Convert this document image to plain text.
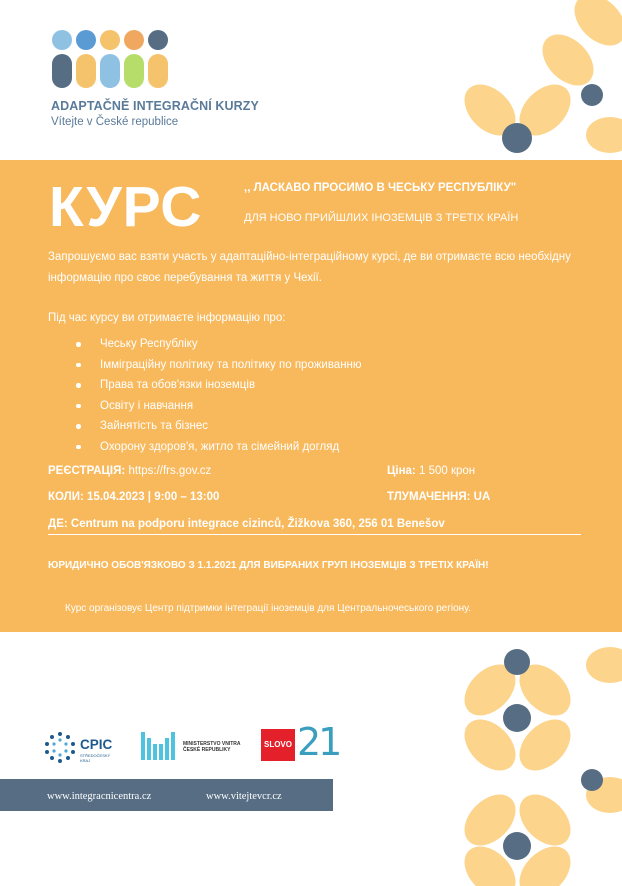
ADAPTAČNĚ INTEGRAČNÍ KURZY
Vítejte v České republice
КУРС	,, ЛАСКАВО ПРОСИМО В ЧЕСЬКУ РЕСПУБЛІКУ"
ДЛЯ НОВО ПРИЙШЛИХ ІНОЗЕМЦІВ З ТРЕТІХ КРАЇН
Запрошуємо вас взяти участь у адаптаційно-інтеграційному курсі, де ви отримаєте всю необхідну інформацію про своє перебування та життя у Чехії.
Під час курсу ви отримаєте інформацію про:
Чеську Республіку
Імміграційну політику та політику по проживанню
Права та обов'язки іноземців
Освіту і навчання
Зайнятість та бізнес
Охорону здоров'я, житло та сімейний догляд
РЕЄСТРАЦІЯ: https://frs.gov.cz	Ціна: 1 500 крон
КОЛИ: 15.04.2023 | 9:00 – 13:00	ТЛУМАЧЕННЯ: UA
ДЕ: Centrum na podporu integrace cizinců, Žižkova 360, 256 01 Benešov
ЮРИДИЧНО ОБОВ'ЯЗКОВО З 1.1.2021 ДЛЯ ВИБРАНИХ ГРУП ІНОЗЕМЦІВ З ТРЕТІХ КРАЇН!
Курс організовує Центр підтримки інтеграції іноземців для Центральночеського регіону.
CPIC
STŘEDOČESKÝ
KRAJ
MINISTERSTVO VNITRA
ČESKÉ REPUBLIKY
SLOVO 21
www.integracnicentra.cz	www.vitejtevcr.cz
